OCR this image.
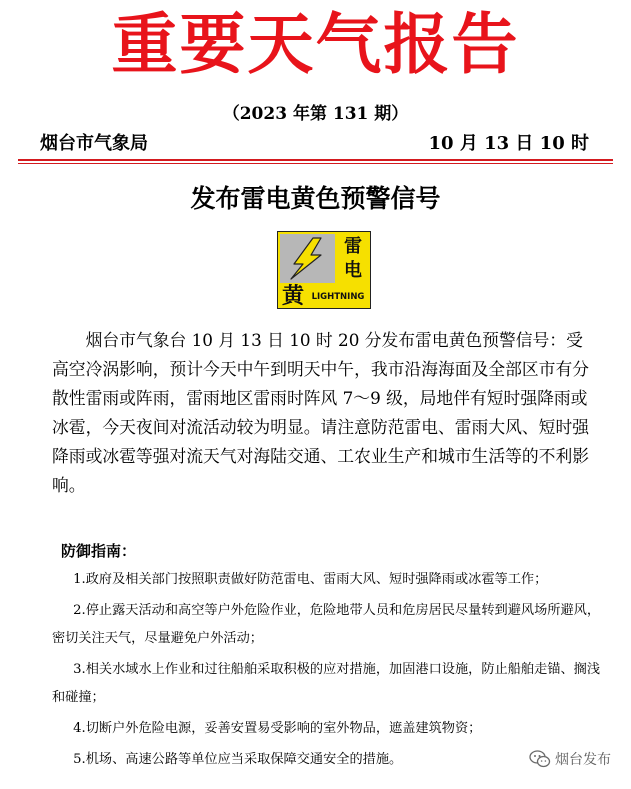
重要天气报告
（2023 年第 131 期）
烟台市气象局	10 月 13 日 10 时
发布雷电黄色预警信号
雷
电
黄 LIGHTNING

烟台市气象台 10 月 13 日 10 时 20 分发布雷电黄色预警信号：受高空冷涡影响，预计今天中午到明天中午，我市沿海海面及全部区市有分散性雷雨或阵雨，雷雨地区雷雨时阵风 7～9 级，局地伴有短时强降雨或冰雹，今天夜间对流活动较为明显。请注意防范雷电、雷雨大风、短时强降雨或冰雹等强对流天气对海陆交通、工农业生产和城市生活等的不利影响。

防御指南：
1.政府及相关部门按照职责做好防范雷电、雷雨大风、短时强降雨或冰雹等工作；
2.停止露天活动和高空等户外危险作业，危险地带人员和危房居民尽量转到避风场所避风，密切关注天气，尽量避免户外活动；
3.相关水域水上作业和过往船舶采取积极的应对措施，加固港口设施，防止船舶走锚、搁浅和碰撞；
4.切断户外危险电源，妥善安置易受影响的室外物品，遮盖建筑物资；
5.机场、高速公路等单位应当采取保障交通安全的措施。	烟台发布
